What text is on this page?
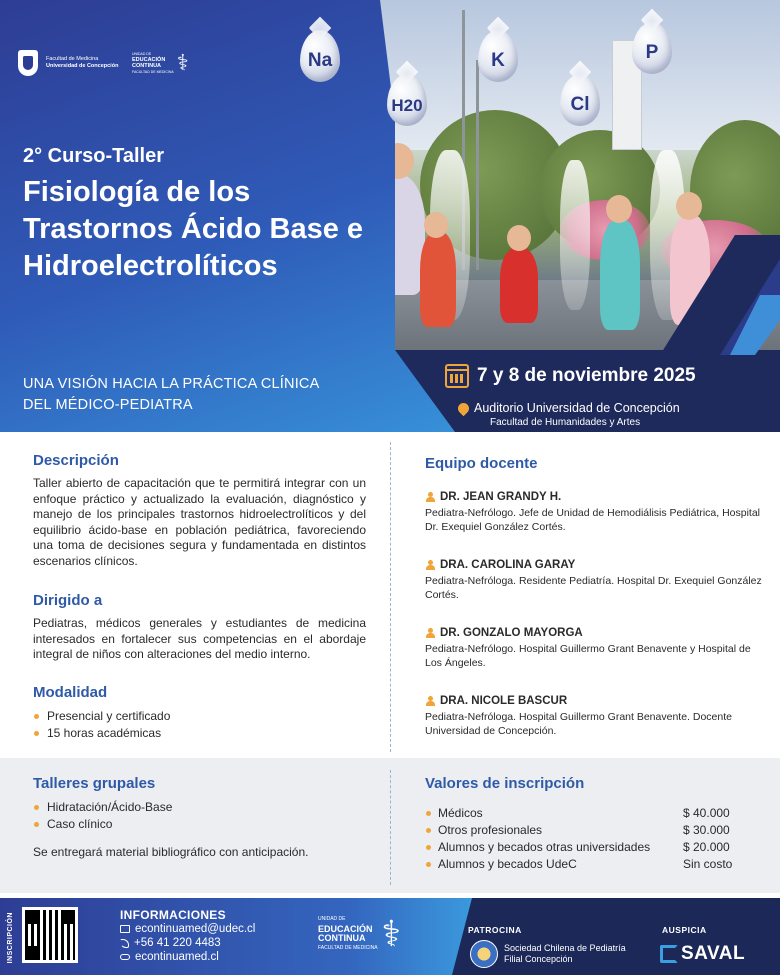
Facultad de Medicina
Universidad de Concepción
UNIDAD DE
EDUCACIÓN
CONTINUA
FACULTAD DE MEDICINA ⚕	Na
H20
K
Cl
P
2° Curso-Taller
Fisiología de los Trastornos Ácido Base e Hidroelectrolíticos
UNA VISIÓN HACIA LA PRÁCTICA CLÍNICA DEL MÉDICO-PEDIATRA
7 y 8 de noviembre 2025
Auditorio Universidad de Concepción
Facultad de Humanidades y Artes
Descripción
Taller abierto de capacitación que te permitirá integrar con un enfoque práctico y actualizado la evaluación, diagnóstico y manejo de los principales trastornos hidroelectrolíticos y del equilibrio ácido-base en población pediátrica, favoreciendo una toma de decisiones segura y fundamentada en distintos escenarios clínicos.
Dirigido a
Pediatras, médicos generales y estudiantes de medicina interesados en fortalecer sus competencias en el abordaje integral de niños con alteraciones del medio interno.
Modalidad
Presencial y certificado
15 horas académicas
Equipo docente
DR. JEAN GRANDY H.
Pediatra-Nefrólogo. Jefe de Unidad de Hemodiálisis Pediátrica, Hospital Dr. Exequiel González Cortés.
DRA. CAROLINA GARAY
Pediatra-Nefróloga. Residente Pediatría. Hospital Dr. Exequiel González Cortés.
DR. GONZALO MAYORGA
Pediatra-Nefrólogo. Hospital Guillermo Grant Benavente y Hospital de Los Ángeles.
DRA. NICOLE BASCUR
Pediatra-Nefróloga. Hospital Guillermo Grant Benavente. Docente Universidad de Concepción.
Talleres grupales
Hidratación/Ácido-Base
Caso clínico
Se entregará material bibliográfico con anticipación.
Valores de inscripción
Médicos	$ 40.000
Otros profesionales	$ 30.000
Alumnos y becados otras universidades	$ 20.000
Alumnos y becados UdeC	Sin costo
INSCRIPCIÓN	INFORMACIONES
econtinuamed@udec.cl
+56 41 220 4483
econtinuamed.cl
UNIDAD DE
EDUCACIÓN
CONTINUA
FACULTAD DE MEDICINA ⚕	PATROCINA
Sociedad Chilena de Pediatría
Filial Concepción
AUSPICIA
SAVAL
